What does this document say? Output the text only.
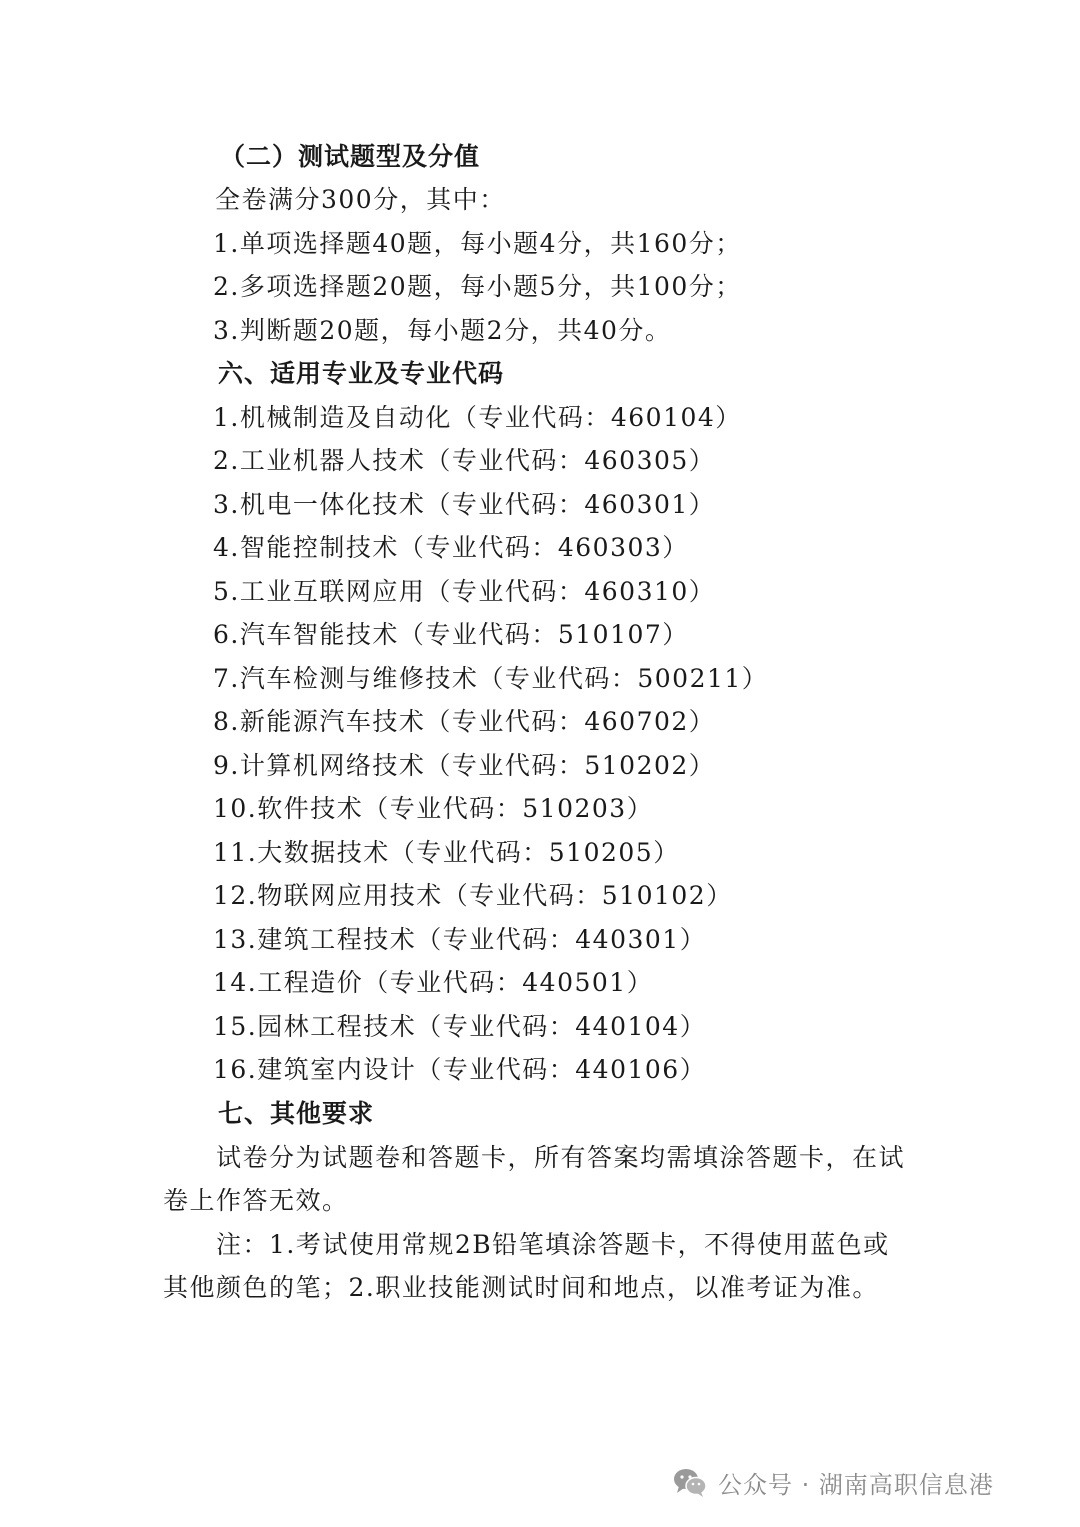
（二）测试题型及分值
全卷满分300分，其中：
1.单项选择题40题，每小题4分，共160分；
2.多项选择题20题，每小题5分，共100分；
3.判断题20题，每小题2分，共40分。
六、适用专业及专业代码
1.机械制造及自动化（专业代码：460104）
2.工业机器人技术（专业代码：460305）
3.机电一体化技术（专业代码：460301）
4.智能控制技术（专业代码：460303）
5.工业互联网应用（专业代码：460310）
6.汽车智能技术（专业代码：510107）
7.汽车检测与维修技术（专业代码：500211）
8.新能源汽车技术（专业代码：460702）
9.计算机网络技术（专业代码：510202）
10.软件技术（专业代码：510203）
11.大数据技术（专业代码：510205）
12.物联网应用技术（专业代码：510102）
13.建筑工程技术（专业代码：440301）
14.工程造价（专业代码：440501）
15.园林工程技术（专业代码：440104）
16.建筑室内设计（专业代码：440106）
七、其他要求
试卷分为试题卷和答题卡，所有答案均需填涂答题卡，在试
卷上作答无效。
注：1.考试使用常规2B铅笔填涂答题卡，不得使用蓝色或
其他颜色的笔；2.职业技能测试时间和地点，以准考证为准。
公众号 · 湖南高职信息港
